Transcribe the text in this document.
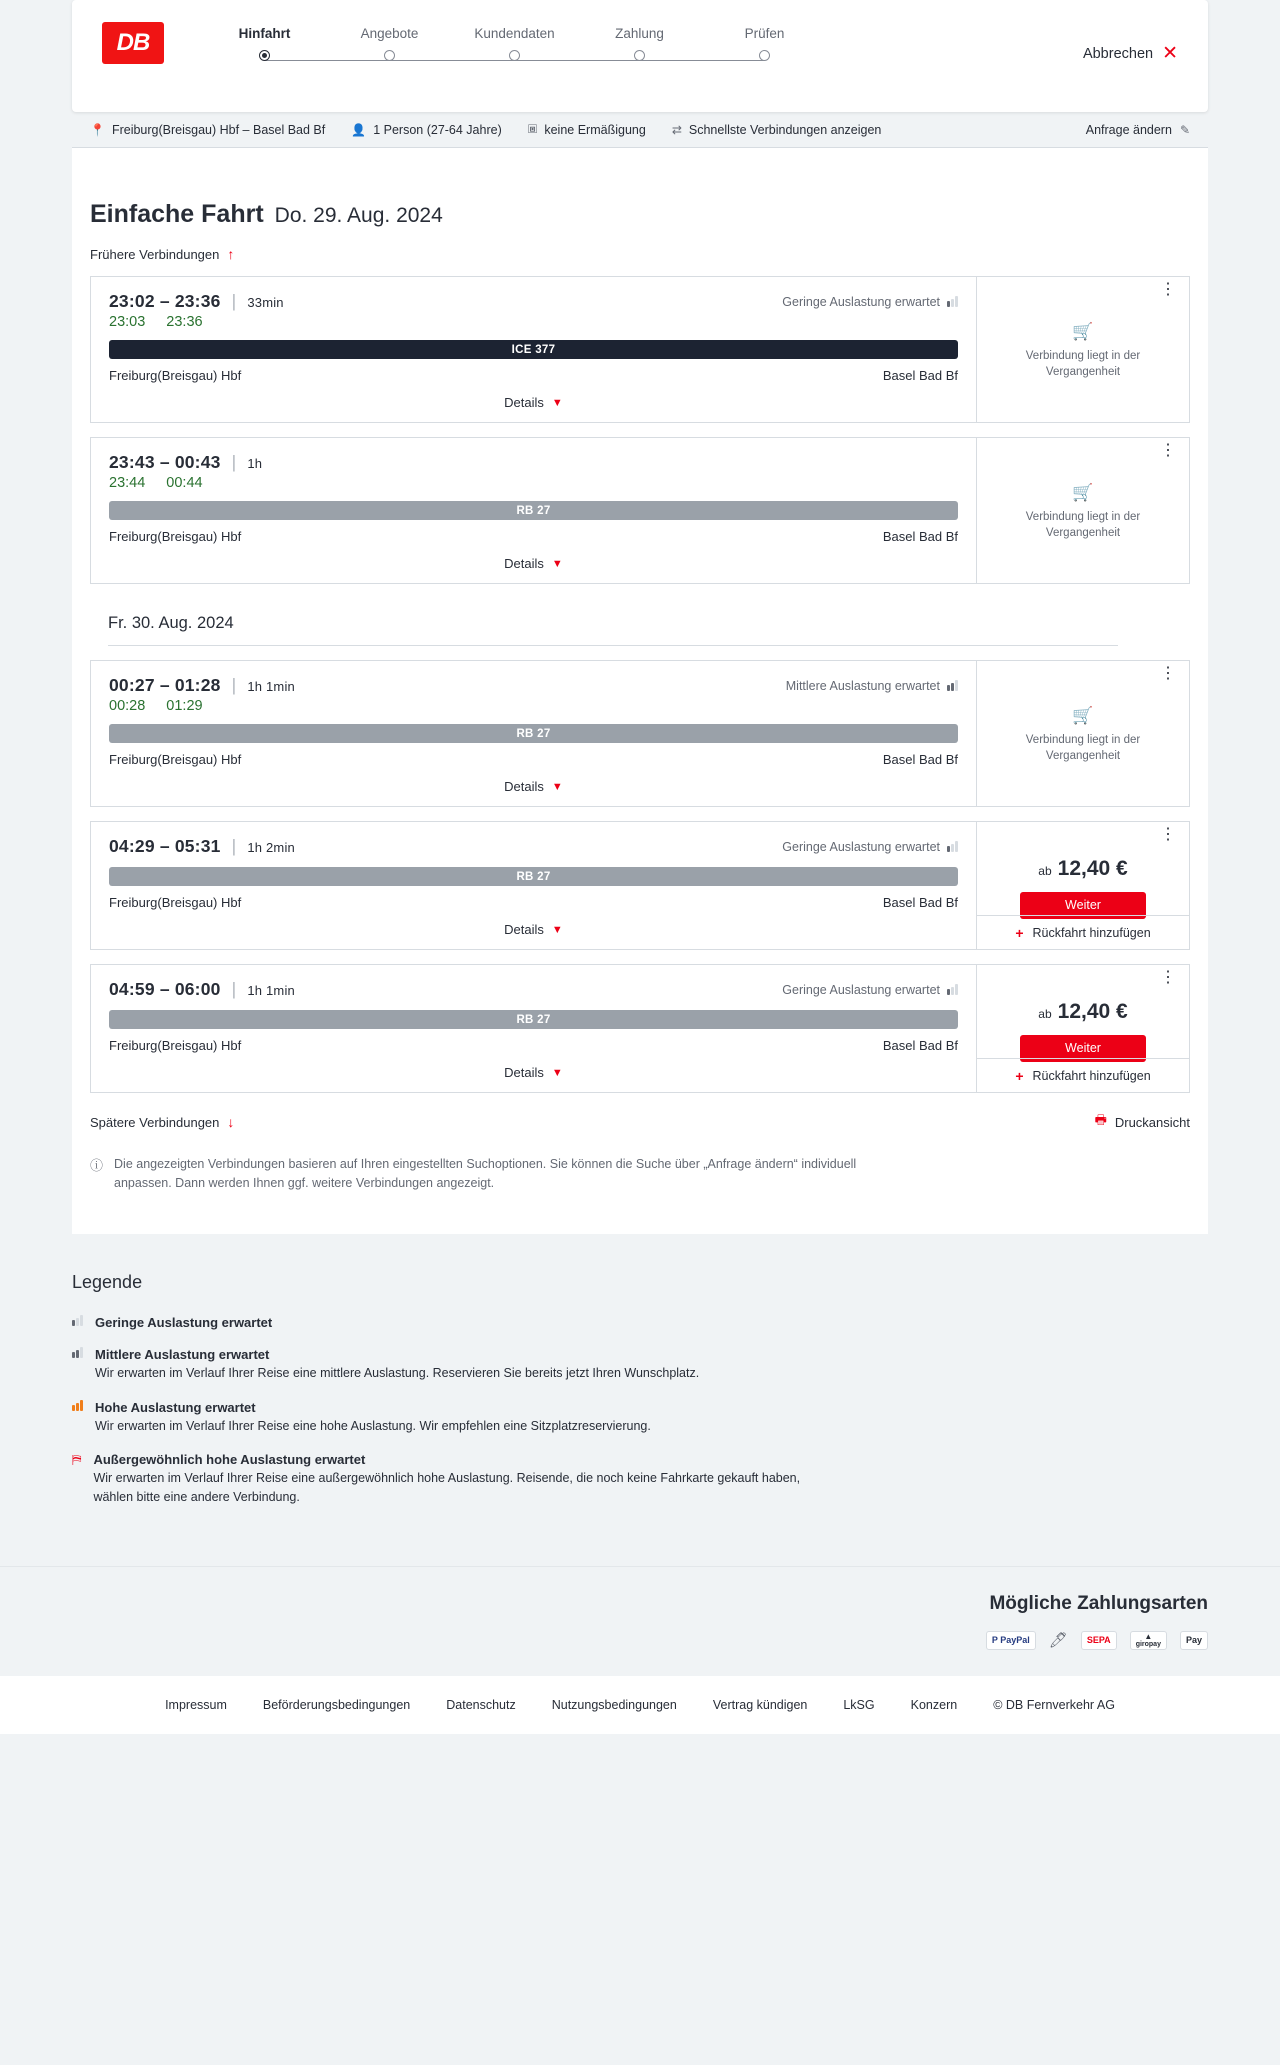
DB	Hinfahrt	Angebote	Kundendaten	Zahlung	Prüfen
Abbrechen ✕
📍 Freiburg(Breisgau) Hbf – Basel Bad Bf 👤 1 Person (27-64 Jahre) 🞖 keine Ermäßigung ⇄ Schnellste Verbindungen anzeigen	Anfrage ändern ✎
Einfache Fahrt Do. 29. Aug. 2024
Frühere Verbindungen ↑
23:02 – 23:36 | 33min	Geringe Auslastung erwartet
23:03 23:36
ICE 377
Freiburg(Breisgau) Hbf	Basel Bad Bf
Details ▼
⋮
🛒
Verbindung liegt in der Vergangenheit
23:43 – 00:43 | 1h
23:44 00:44
RB 27
Freiburg(Breisgau) Hbf	Basel Bad Bf
Details ▼
⋮
🛒
Verbindung liegt in der Vergangenheit
Fr. 30. Aug. 2024
00:27 – 01:28 | 1h 1min	Mittlere Auslastung erwartet
00:28 01:29
RB 27
Freiburg(Breisgau) Hbf	Basel Bad Bf
Details ▼
⋮
🛒
Verbindung liegt in der Vergangenheit
04:29 – 05:31 | 1h 2min	Geringe Auslastung erwartet
RB 27
Freiburg(Breisgau) Hbf	Basel Bad Bf
Details ▼
⋮
ab 12,40 €
Weiter
+ Rückfahrt hinzufügen
04:59 – 06:00 | 1h 1min	Geringe Auslastung erwartet
RB 27
Freiburg(Breisgau) Hbf	Basel Bad Bf
Details ▼
⋮
ab 12,40 €
Weiter
+ Rückfahrt hinzufügen
Spätere Verbindungen ↓	🖶 Druckansicht
ⓘ Die angezeigten Verbindungen basieren auf Ihren eingestellten Suchoptionen. Sie können die Suche über „Anfrage ändern“ individuell anpassen. Dann werden Ihnen ggf. weitere Verbindungen angezeigt.
Legende
Geringe Auslastung erwartet
Mittlere Auslastung erwartet
Wir erwarten im Verlauf Ihrer Reise eine mittlere Auslastung. Reservieren Sie bereits jetzt Ihren Wunschplatz.
Hohe Auslastung erwartet
Wir erwarten im Verlauf Ihrer Reise eine hohe Auslastung. Wir empfehlen eine Sitzplatzreservierung.
⛿ Außergewöhnlich hohe Auslastung erwartet
Wir erwarten im Verlauf Ihrer Reise eine außergewöhnlich hohe Auslastung. Reisende, die noch keine Fahrkarte gekauft haben, wählen bitte eine andere Verbindung.
Mögliche Zahlungsarten
P PayPal	🖊	SEPA	▲
giropay	Pay
Impressum	Beförderungsbedingungen	Datenschutz	Nutzungsbedingungen	Vertrag kündigen	LkSG	Konzern	© DB Fernverkehr AG
